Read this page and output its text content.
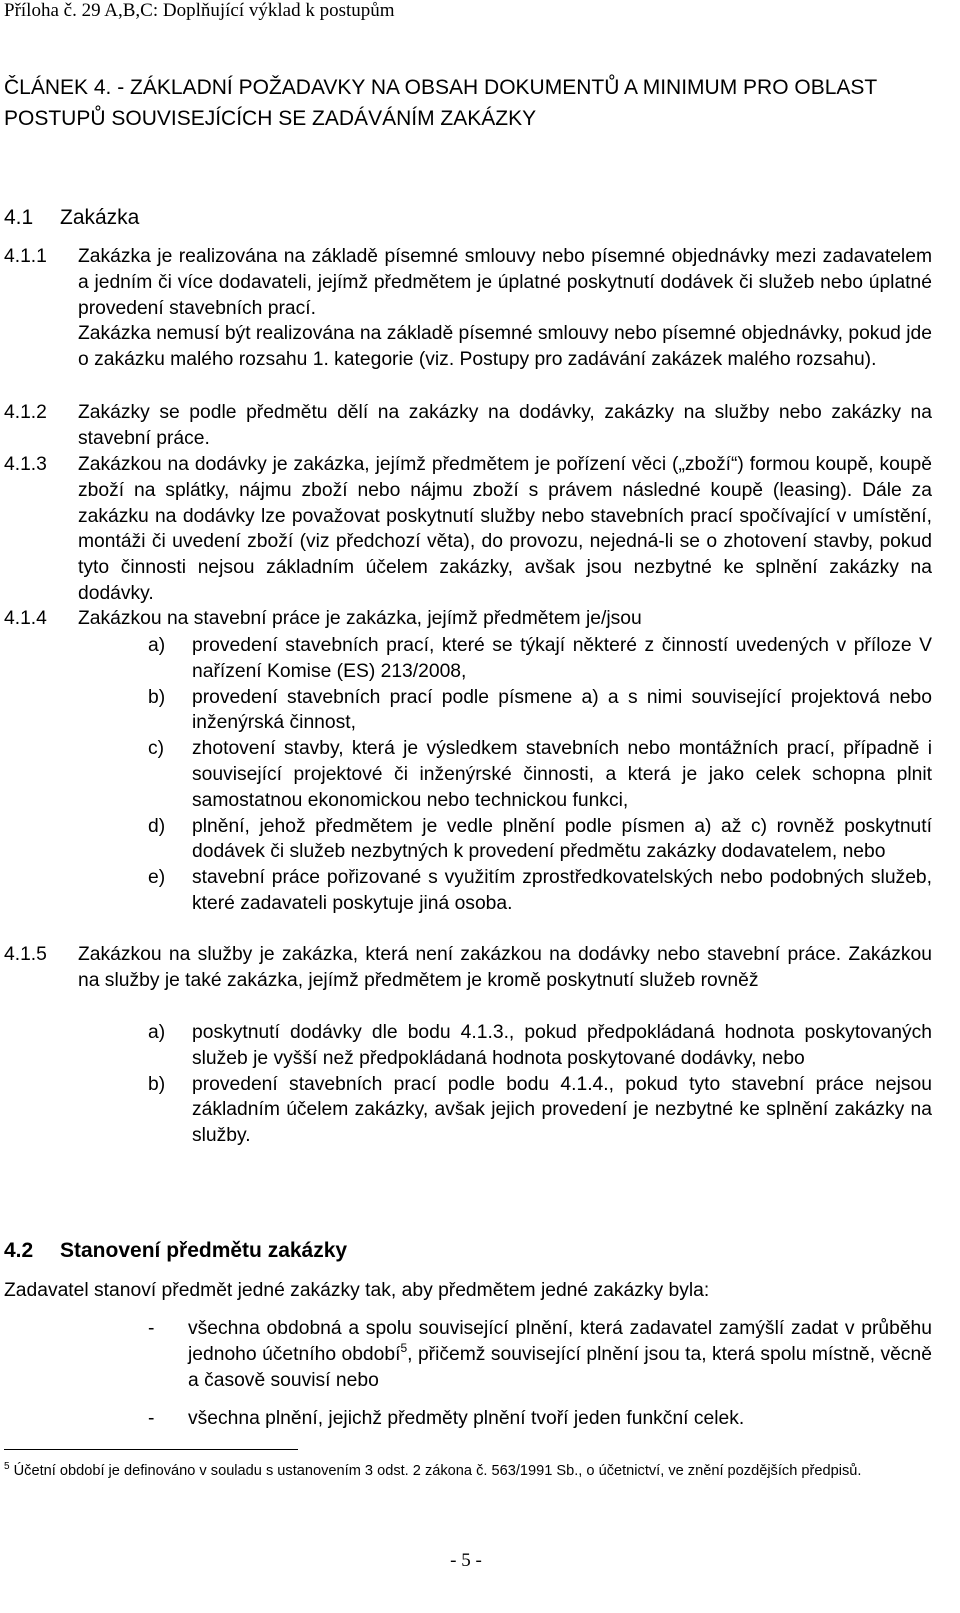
Příloha č. 29 A,B,C: Doplňující výklad k postupům
ČLÁNEK 4. - ZÁKLADNÍ POŽADAVKY NA OBSAH DOKUMENTŮ A MINIMUM PRO OBLAST POSTUPŮ SOUVISEJÍCÍCH SE ZADÁVÁNÍM ZAKÁZKY
4.1 Zakázka
4.1.1 Zakázka je realizována na základě písemné smlouvy nebo písemné objednávky mezi zadavatelem a jedním či více dodavateli, jejímž předmětem je úplatné poskytnutí dodávek či služeb nebo úplatné provedení stavebních prací.

Zakázka nemusí být realizována na základě písemné smlouvy nebo písemné objednávky, pokud jde o zakázku malého rozsahu 1. kategorie (viz. Postupy pro zadávání zakázek malého rozsahu).

4.1.2 Zakázky se podle předmětu dělí na zakázky na dodávky, zakázky na služby nebo zakázky na stavební práce.

4.1.3 Zakázkou na dodávky je zakázka, jejímž předmětem je pořízení věci („zboží“) formou koupě, koupě zboží na splátky, nájmu zboží nebo nájmu zboží s právem následné koupě (leasing). Dále za zakázku na dodávky lze považovat poskytnutí služby nebo stavebních prací spočívající v umístění, montáži či uvedení zboží (viz předchozí věta), do provozu, nejedná-li se o zhotovení stavby, pokud tyto činnosti nejsou základním účelem zakázky, avšak jsou nezbytné ke splnění zakázky na dodávky.

4.1.4 Zakázkou na stavební práce je zakázka, jejímž předmětem je/jsou

a) provedení stavebních prací, které se týkají některé z činností uvedených v příloze V nařízení Komise (ES) 213/2008,
b) provedení stavebních prací podle písmene a) a s nimi související projektová nebo inženýrská činnost,
c) zhotovení stavby, která je výsledkem stavebních nebo montážních prací, případně i související projektové či inženýrské činnosti, a která je jako celek schopna plnit samostatnou ekonomickou nebo technickou funkci,
d) plnění, jehož předmětem je vedle plnění podle písmen a) až c) rovněž poskytnutí dodávek či služeb nezbytných k provedení předmětu zakázky dodavatelem, nebo
e) stavební práce pořizované s využitím zprostředkovatelských nebo podobných služeb, které zadavateli poskytuje jiná osoba.
4.1.5 Zakázkou na služby je zakázka, která není zakázkou na dodávky nebo stavební práce. Zakázkou na služby je také zakázka, jejímž předmětem je kromě poskytnutí služeb rovněž

a) poskytnutí dodávky dle bodu 4.1.3., pokud předpokládaná hodnota poskytovaných služeb je vyšší než předpokládaná hodnota poskytované dodávky, nebo
b) provedení stavebních prací podle bodu 4.1.4., pokud tyto stavební práce nejsou základním účelem zakázky, avšak jejich provedení je nezbytné ke splnění zakázky na služby.
4.2 Stanovení předmětu zakázky
Zadavatel stanoví předmět jedné zakázky tak, aby předmětem jedné zakázky byla:
- všechna obdobná a spolu související plnění, která zadavatel zamýšlí zadat v průběhu jednoho účetního období$^5$, přičemž související plnění jsou ta, která spolu místně, věcně a časově souvisí nebo
- všechna plnění, jejichž předměty plnění tvoří jeden funkční celek.
$^5$ Účetní období je definováno v souladu s ustanovením 3 odst. 2 zákona č. 563/1991 Sb., o účetnictví, ve znění pozdějších předpisů.
- 5 -
